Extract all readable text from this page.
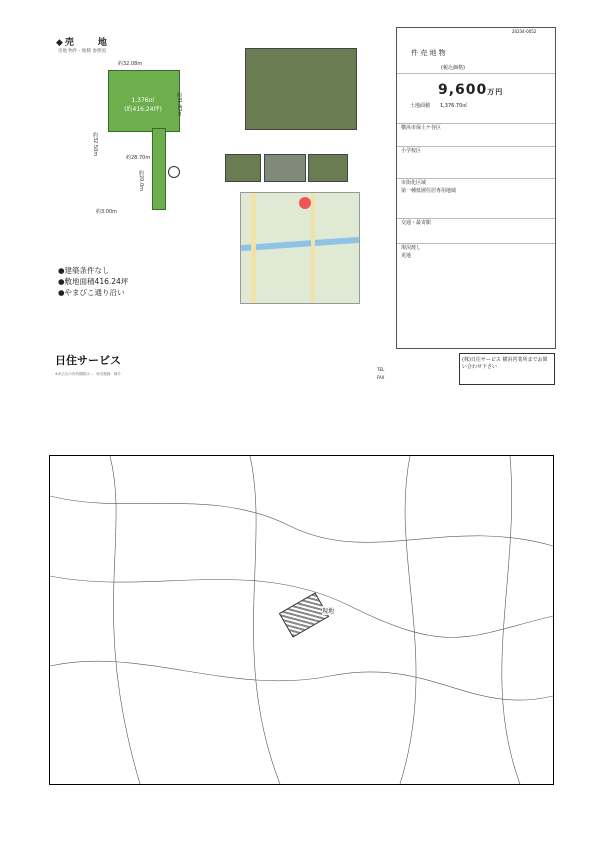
◆売　　地
売地 物件・地積 参照図
1,376㎡
(約416.24坪)
約32.08m
約31.87m
約32.50m
約28.70m
約20.0m
約3.00m
●建築条件なし
●敷地面積416.24坪
●やまびこ通り沿い
件 売 地 物
(税込価格)
横浜市保土ケ谷区
小学校区
市街化区域
第一種低層住居専用地域
交通・最寄駅
現況渡し
更地
9,600万円
土地面積 1,376.70㎡
20234-0052
日住サービス
TEL
FAX
※本広告の有効期限は…　取引態様：媒介
(株)日住サービス 横浜営業所までお問い合わせ下さい
現地
